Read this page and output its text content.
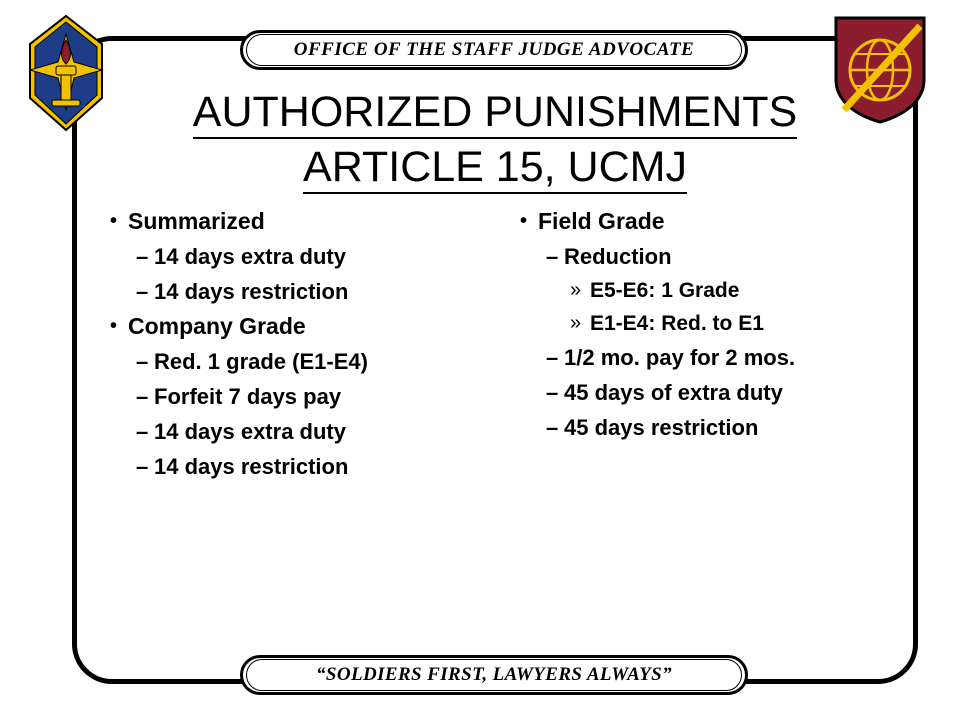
OFFICE OF THE STAFF JUDGE ADVOCATE
AUTHORIZED PUNISHMENTS
ARTICLE 15, UCMJ
• Summarized
– 14 days extra duty
– 14 days restriction
• Company Grade
– Red. 1 grade (E1-E4)
– Forfeit 7 days pay
– 14 days extra duty
– 14 days restriction
• Field Grade
– Reduction
» E5-E6: 1 Grade
» E1-E4: Red. to E1
– 1/2 mo. pay for 2 mos.
– 45 days of extra duty
– 45 days restriction
“SOLDIERS FIRST, LAWYERS ALWAYS”
